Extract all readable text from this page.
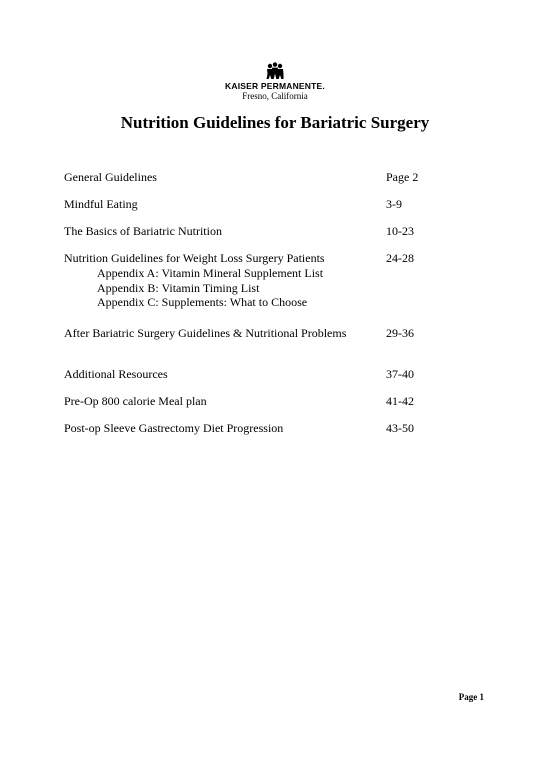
KAISER PERMANENTE.
Fresno, California
Nutrition Guidelines for Bariatric Surgery
General Guidelines	Page 2
Mindful Eating	3-9
The Basics of Bariatric Nutrition	10-23
Nutrition Guidelines for Weight Loss Surgery Patients	24-28
Appendix A: Vitamin Mineral Supplement List
Appendix B: Vitamin Timing List
Appendix C: Supplements: What to Choose
After Bariatric Surgery Guidelines & Nutritional Problems	29-36
Additional Resources	37-40
Pre-Op 800 calorie Meal plan	41-42
Post-op Sleeve Gastrectomy Diet Progression	43-50
Page 1
